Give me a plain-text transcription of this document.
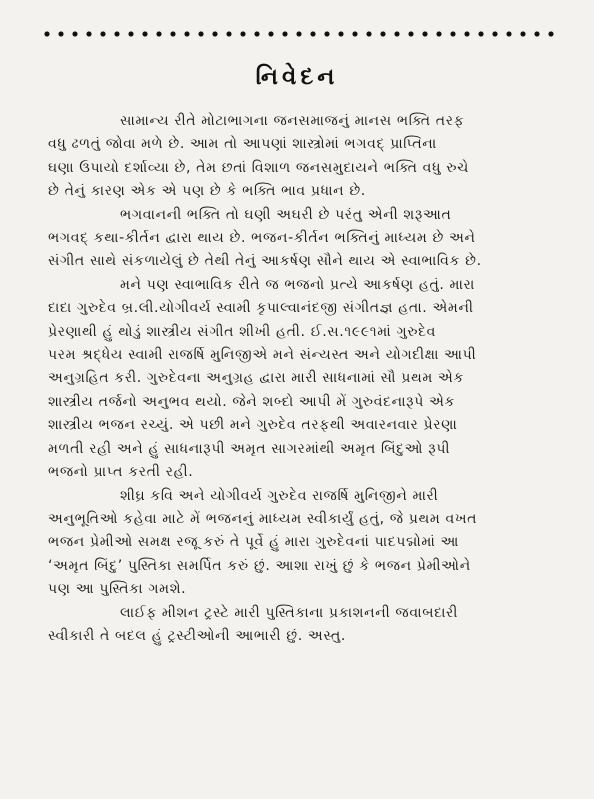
નિવેદન

સામાન્ય રીતે મોટાભાગના જનસમાજનું માનસ ભક્તિ તરફ
વધુ ઢળતું જોવા મળે છે. આમ તો આપણાં શાસ્ત્રોમાં ભગવદ્ પ્રાપ્તિના
ઘણા ઉપાયો દર્શાવ્યા છે, તેમ છતાં વિશાળ જનસમુદાયને ભક્તિ વધુ રુચે
છે તેનું કારણ એક એ પણ છે કે ભક્તિ ભાવ પ્રધાન છે.

ભગવાનની ભક્તિ તો ઘણી અઘરી છે પરંતુ એની શરૂઆત
ભગવદ્ કથા-કીર્તન દ્વારા થાય છે. ભજન-કીર્તન ભક્તિનું માધ્યમ છે અને
સંગીત સાથે સંકળાયેલું છે તેથી તેનું આકર્ષણ સૌને થાય એ સ્વાભાવિક છે.

મને પણ સ્વાભાવિક રીતે જ ભજનો પ્રત્યે આકર્ષણ હતું. મારા
દાદા ગુરુદેવ બ્ર.લી.યોગીવર્ય સ્વામી કૃપાલ્વાનંદજી સંગીતજ્ઞ હતા. એમની
પ્રેરણાથી હું થોડું શાસ્ત્રીય સંગીત શીખી હતી. ઈ.સ.૧૯૯૧માં ગુરુદેવ
પરમ શ્રદ્ધેય સ્વામી રાજર્ષિ મુનિજીએ મને સંન્યસ્ત અને યોગદીક્ષા આપી
અનુગ્રહિત કરી. ગુરુદેવના અનુગ્રહ દ્વારા મારી સાધનામાં સૌ પ્રથમ એક
શાસ્ત્રીય તર્જનો અનુભવ થયો. જેને શબ્દો આપી મેં ગુરુવંદનારૂપે એક
શાસ્ત્રીય ભજન રચ્યું. એ પછી મને ગુરુદેવ તરફથી અવારનવાર પ્રેરણા
મળતી રહી અને હું સાધનારૂપી અમૃત સાગરમાંથી અમૃત બિંદુઓ રૂપી
ભજનો પ્રાપ્ત કરતી રહી.

શીઘ્ર કવિ અને યોગીવર્ય ગુરુદેવ રાજર્ષિ મુનિજીને મારી
અનુભૂતિઓ કહેવા માટે મેં ભજનનું માધ્યમ સ્વીકાર્યું હતું, જે પ્રથમ વખત
ભજન પ્રેમીઓ સમક્ષ રજૂ કરું તે પૂર્વે હું મારા ગુરુદેવનાં પાદપદ્મોમાં આ
‘અમૃત બિંદુ’ પુસ્તિકા સમર્પિત કરું છું. આશા રાખું છું કે ભજન પ્રેમીઓને
પણ આ પુસ્તિકા ગમશે.

લાઈફ મીશન ટ્રસ્ટે મારી પુસ્તિકાના પ્રકાશનની જવાબદારી
સ્વીકારી તે બદલ હું ટ્રસ્ટીઓની આભારી છું. અસ્તુ.
